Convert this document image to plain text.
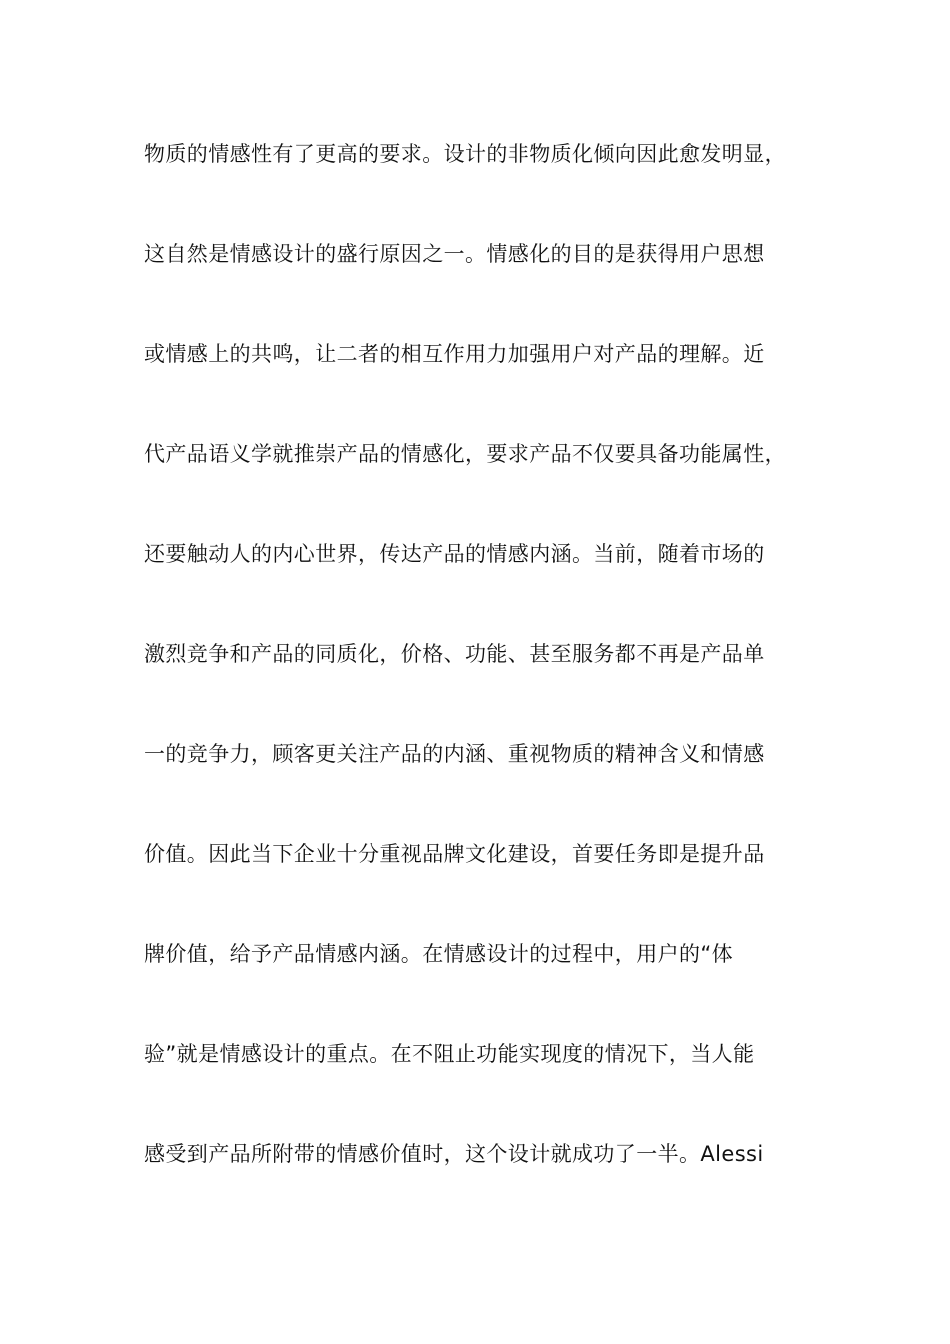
物质的情感性有了更高的要求。设计的非物质化倾向因此愈发明显，
这自然是情感设计的盛行原因之一。情感化的目的是获得用户思想
或情感上的共鸣，让二者的相互作用力加强用户对产品的理解。近
代产品语义学就推崇产品的情感化，要求产品不仅要具备功能属性，
还要触动人的内心世界，传达产品的情感内涵。当前，随着市场的
激烈竞争和产品的同质化，价格、功能、甚至服务都不再是产品单
一的竞争力，顾客更关注产品的内涵、重视物质的精神含义和情感
价值。因此当下企业十分重视品牌文化建设，首要任务即是提升品
牌价值，给予产品情感内涵。在情感设计的过程中，用户的“体
验”就是情感设计的重点。在不阻止功能实现度的情况下，当人能
感受到产品所附带的情感价值时，这个设计就成功了一半。Alessi
